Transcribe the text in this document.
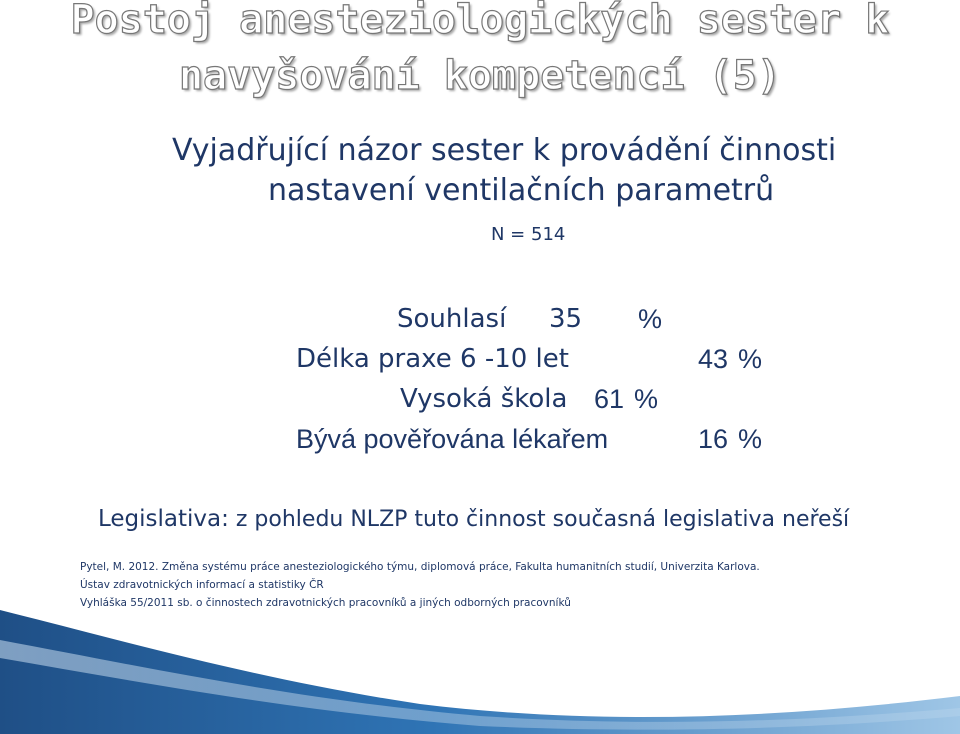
Postoj anesteziologických sester k
navyšování kompetencí (5)

Vyjadřující názor sester k provádění činnosti

nastavení ventilačních parametrů

N = 514
Souhlasí 35 %
Délka praxe 6 -10 let	43 %
Vysoká škola 61 %
Bývá pověřována lékařem	16 %
Legislativa: z pohledu NLZP tuto činnost současná legislativa neřeší
Pytel, M. 2012. Změna systému práce anesteziologického týmu, diplomová práce, Fakulta humanitních studií, Univerzita Karlova.
Ústav zdravotnických informací a statistiky ČR
Vyhláška 55/2011 sb. o činnostech zdravotnických pracovníků a jiných odborných pracovníků
